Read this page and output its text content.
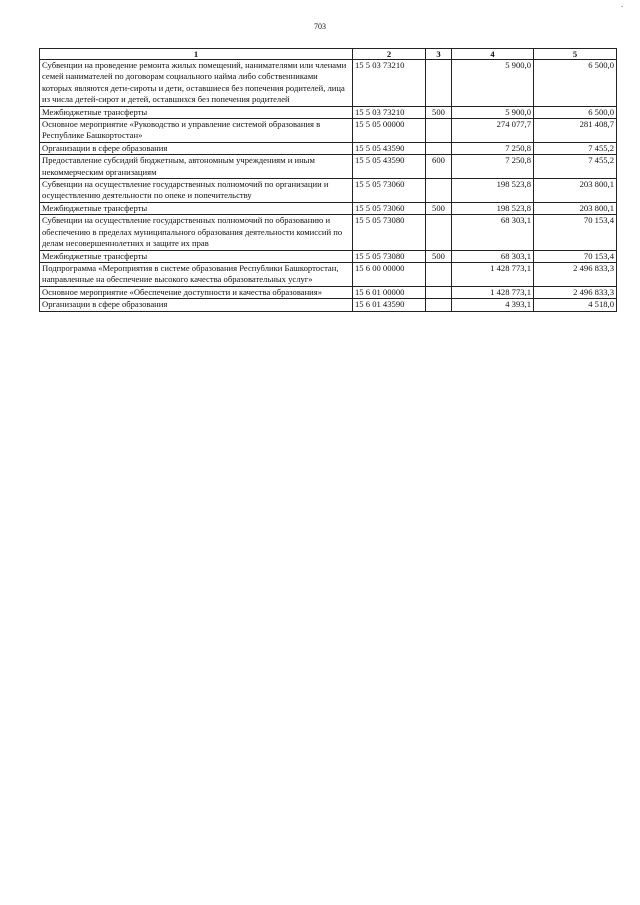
703
-
1	2	3	4	5
Субвенции на проведение ремонта жилых помещений, нанимателями или членами семей нанимателей по договорам социального найма либо собственниками которых являются дети-сироты и дети, оставшиеся без попечения родителей, лица из числа детей-сирот и детей, оставшихся без попечения родителей	15 5 03 73210		5 900,0	6 500,0
Межбюджетные трансферты	15 5 03 73210	500	5 900,0	6 500,0
Основное мероприятие «Руководство и управление системой образования в Республике Башкортостан»	15 5 05 00000		274 077,7	281 408,7
Организации в сфере образования	15 5 05 43590		7 250,8	7 455,2
Предоставление субсидий бюджетным, автономным учреждениям и иным некоммерческим организациям	15 5 05 43590	600	7 250,8	7 455,2
Субвенции на осуществление государственных полномочий по организации и осуществлению деятельности по опеке и попечительству	15 5 05 73060		198 523,8	203 800,1
Межбюджетные трансферты	15 5 05 73060	500	198 523,8	203 800,1
Субвенции на осуществление государственных полномочий по образованию и обеспечению в пределах муниципального образования деятельности комиссий по делам несовершеннолетних и защите их прав	15 5 05 73080		68 303,1	70 153,4
Межбюджетные трансферты	15 5 05 73080	500	68 303,1	70 153,4
Подпрограмма «Мероприятия в системе образования Республики Башкортостан, направленные на обеспечение высокого качества образовательных услуг»	15 6 00 00000		1 428 773,1	2 496 833,3
Основное мероприятие «Обеспечение доступности и качества образования»	15 6 01 00000		1 428 773,1	2 496 833,3
Организации в сфере образования	15 6 01 43590		4 393,1	4 518,0
